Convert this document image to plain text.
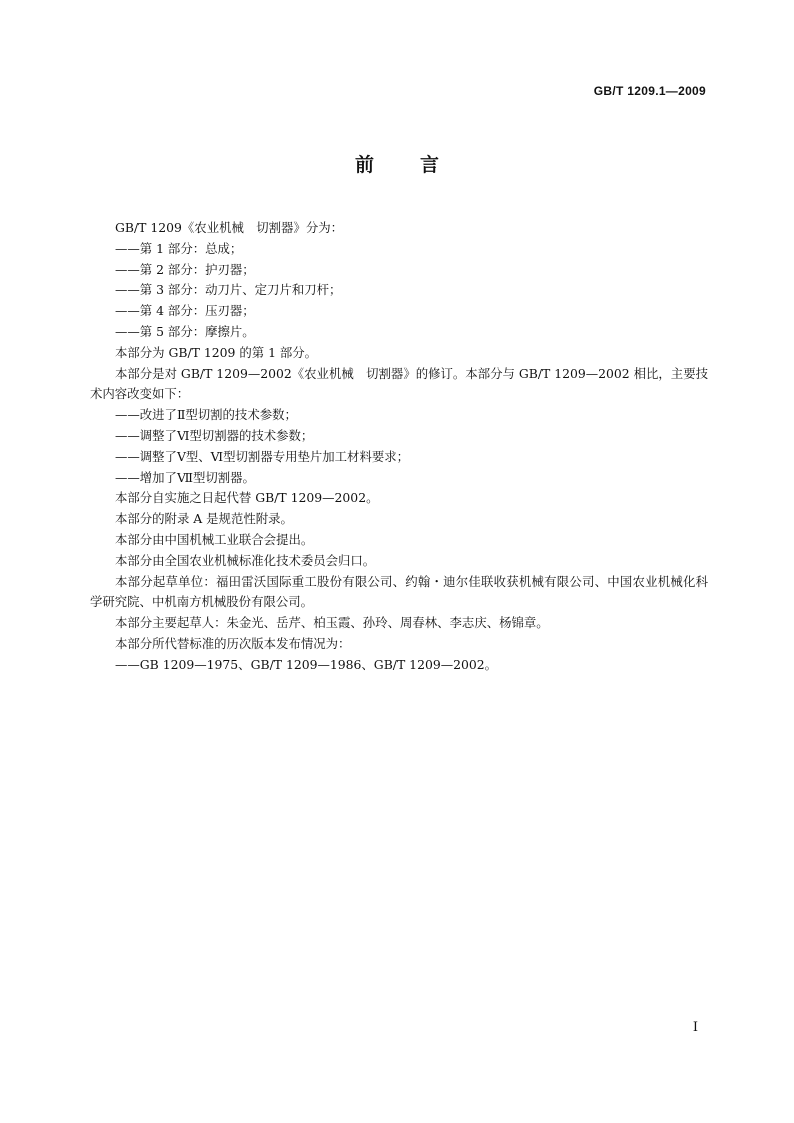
GB/T 1209.1—2009
前言

GB/T 1209《农业机械　切割器》分为：

——第 1 部分：总成；

——第 2 部分：护刃器；

——第 3 部分：动刀片、定刀片和刀杆；

——第 4 部分：压刃器；

——第 5 部分：摩擦片。

本部分为 GB/T 1209 的第 1 部分。

本部分是对 GB/T 1209—2002《农业机械　切割器》的修订。本部分与 GB/T 1209—2002 相比，主要技术内容改变如下：

——改进了Ⅱ型切割的技术参数；

——调整了Ⅵ型切割器的技术参数；

——调整了Ⅴ型、Ⅵ型切割器专用垫片加工材料要求；

——增加了Ⅶ型切割器。

本部分自实施之日起代替 GB/T 1209—2002。

本部分的附录 A 是规范性附录。

本部分由中国机械工业联合会提出。

本部分由全国农业机械标准化技术委员会归口。

本部分起草单位：福田雷沃国际重工股份有限公司、约翰・迪尔佳联收获机械有限公司、中国农业机械化科学研究院、中机南方机械股份有限公司。

本部分主要起草人：朱金光、岳芹、柏玉霞、孙玲、周春林、李志庆、杨锦章。

本部分所代替标准的历次版本发布情况为：

——GB 1209—1975、GB/T 1209—1986、GB/T 1209—2002。

I
